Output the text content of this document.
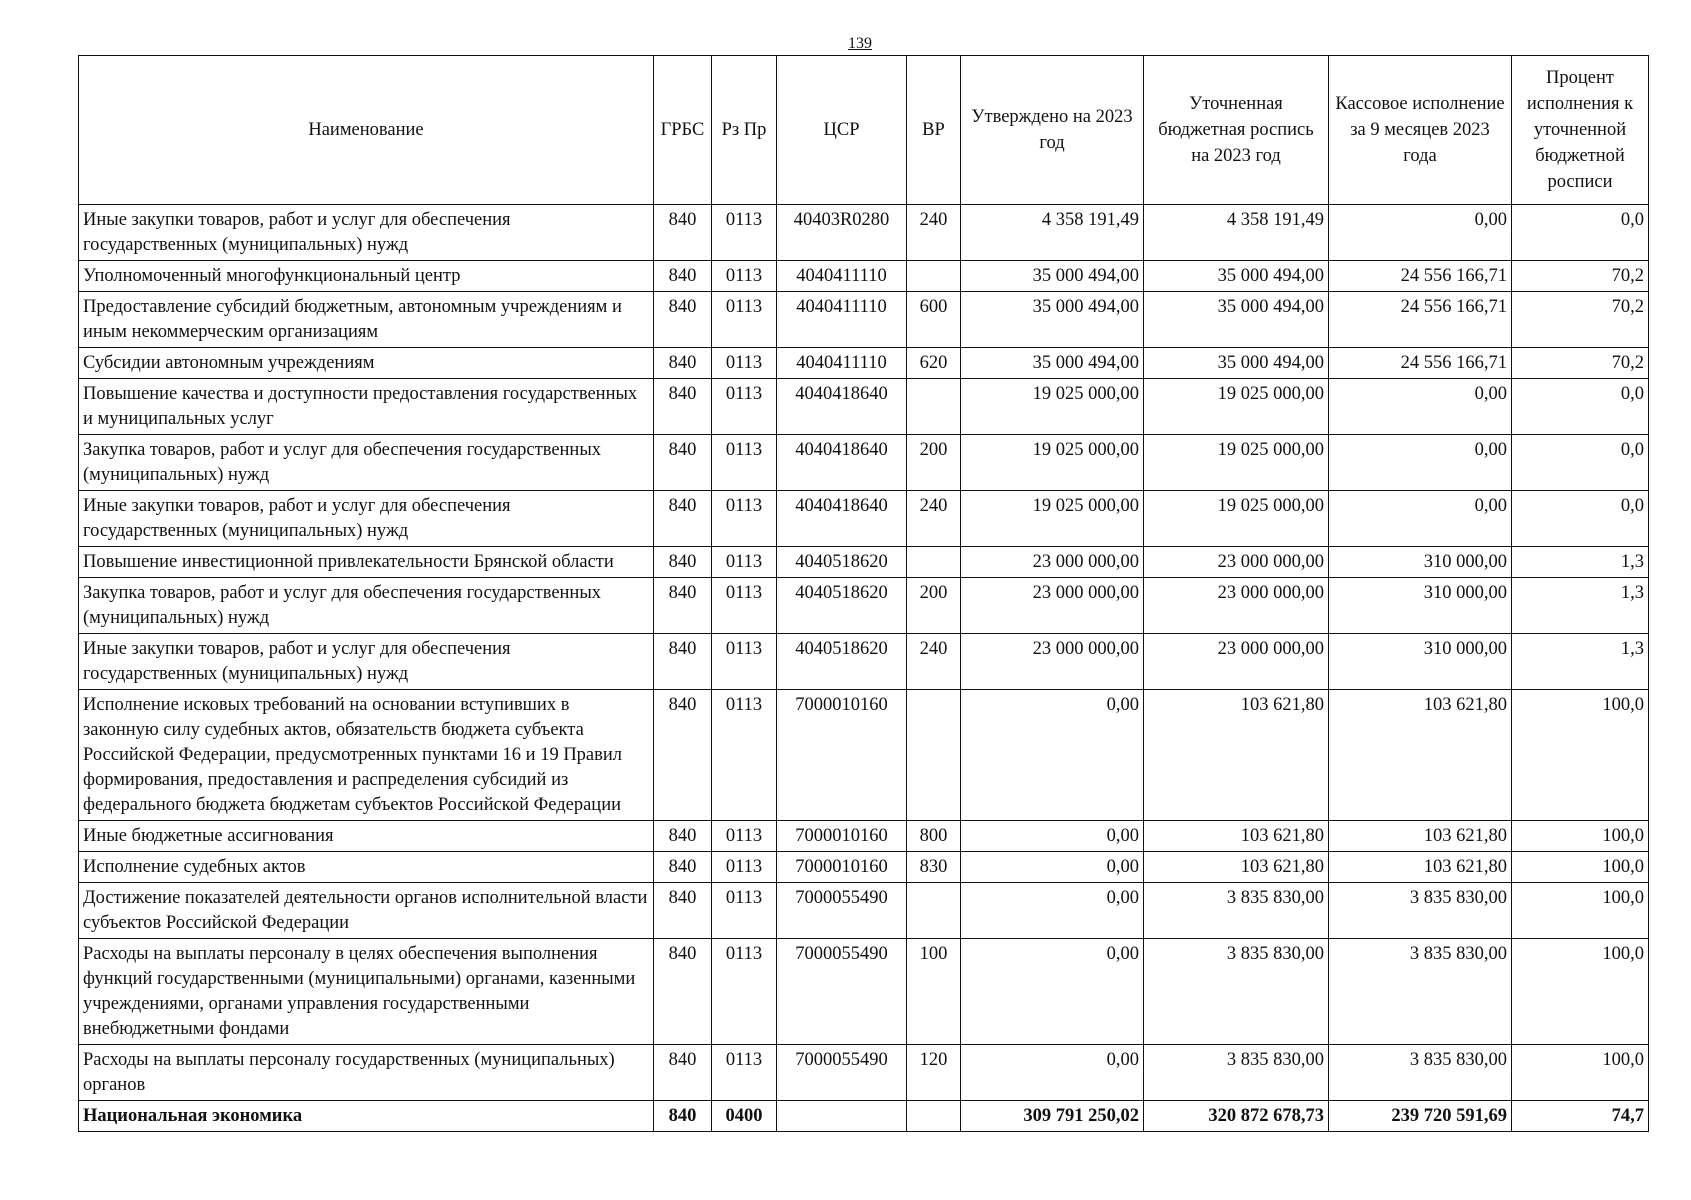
139
Наименование	ГРБС	Рз Пр	ЦСР	ВР	Утверждено на 2023 год	Уточненная бюджетная роспись на 2023 год	Кассовое исполнение за 9 месяцев 2023 года	Процент исполнения к уточненной бюджетной росписи
Иные закупки товаров, работ и услуг для обеспечения государственных (муниципальных) нужд	840	0113	40403R0280	240	4 358 191,49	4 358 191,49	0,00	0,0
Уполномоченный многофункциональный центр	840	0113	4040411110		35 000 494,00	35 000 494,00	24 556 166,71	70,2
Предоставление субсидий бюджетным, автономным учреждениям и иным некоммерческим организациям	840	0113	4040411110	600	35 000 494,00	35 000 494,00	24 556 166,71	70,2
Субсидии автономным учреждениям	840	0113	4040411110	620	35 000 494,00	35 000 494,00	24 556 166,71	70,2
Повышение качества и доступности предоставления государственных и муниципальных услуг	840	0113	4040418640		19 025 000,00	19 025 000,00	0,00	0,0
Закупка товаров, работ и услуг для обеспечения государственных (муниципальных) нужд	840	0113	4040418640	200	19 025 000,00	19 025 000,00	0,00	0,0
Иные закупки товаров, работ и услуг для обеспечения государственных (муниципальных) нужд	840	0113	4040418640	240	19 025 000,00	19 025 000,00	0,00	0,0
Повышение инвестиционной привлекательности Брянской области	840	0113	4040518620		23 000 000,00	23 000 000,00	310 000,00	1,3
Закупка товаров, работ и услуг для обеспечения государственных (муниципальных) нужд	840	0113	4040518620	200	23 000 000,00	23 000 000,00	310 000,00	1,3
Иные закупки товаров, работ и услуг для обеспечения государственных (муниципальных) нужд	840	0113	4040518620	240	23 000 000,00	23 000 000,00	310 000,00	1,3
Исполнение исковых требований на основании вступивших в законную силу судебных актов, обязательств бюджета субъекта Российской Федерации, предусмотренных пунктами 16 и 19 Правил формирования, предоставления и распределения субсидий из федерального бюджета бюджетам субъектов Российской Федерации	840	0113	7000010160		0,00	103 621,80	103 621,80	100,0
Иные бюджетные ассигнования	840	0113	7000010160	800	0,00	103 621,80	103 621,80	100,0
Исполнение судебных актов	840	0113	7000010160	830	0,00	103 621,80	103 621,80	100,0
Достижение показателей деятельности органов исполнительной власти субъектов Российской Федерации	840	0113	7000055490		0,00	3 835 830,00	3 835 830,00	100,0
Расходы на выплаты персоналу в целях обеспечения выполнения функций государственными (муниципальными) органами, казенными учреждениями, органами управления государственными внебюджетными фондами	840	0113	7000055490	100	0,00	3 835 830,00	3 835 830,00	100,0
Расходы на выплаты персоналу государственных (муниципальных) органов	840	0113	7000055490	120	0,00	3 835 830,00	3 835 830,00	100,0
Национальная экономика	840	0400			309 791 250,02	320 872 678,73	239 720 591,69	74,7
